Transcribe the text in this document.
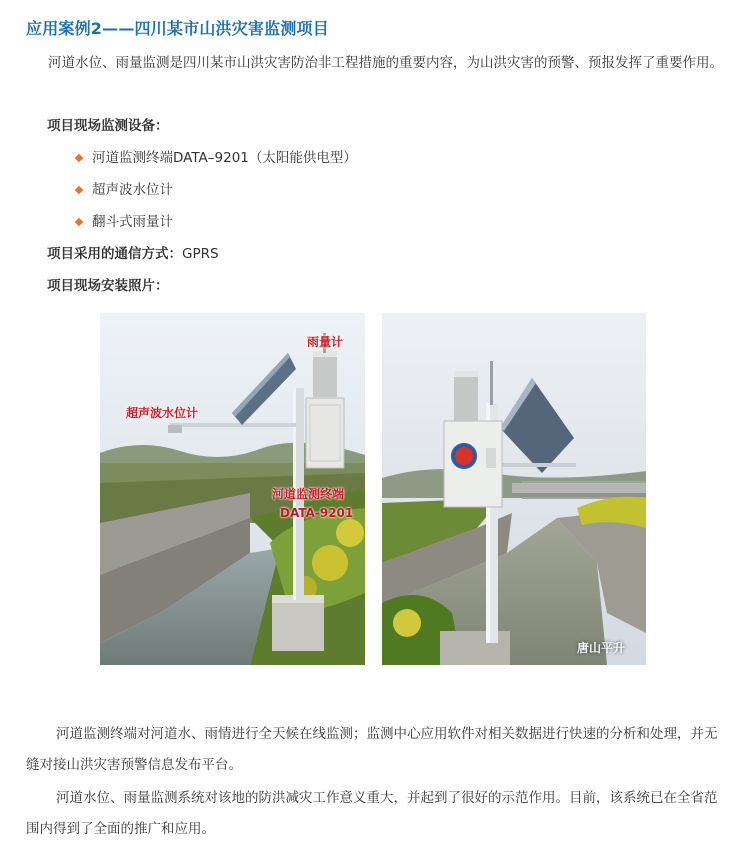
应用案例2——四川某市山洪灾害监测项目

河道水位、雨量监测是四川某市山洪灾害防治非工程措施的重要内容，为山洪灾害的预警、预报发挥了重要作用。

项目现场监测设备：

河道监测终端DATA–9201（太阳能供电型）
超声波水位计
翻斗式雨量计

项目采用的通信方式：GPRS

项目现场安装照片：

雨量计
超声波水位计
河道监测终端
DATA-9201
唐山平升

河道监测终端对河道水、雨情进行全天候在线监测；监测中心应用软件对相关数据进行快速的分析和处理，并无缝对接山洪灾害预警信息发布平台。

河道水位、雨量监测系统对该地的防洪减灾工作意义重大，并起到了很好的示范作用。目前，该系统已在全省范围内得到了全面的推广和应用。
